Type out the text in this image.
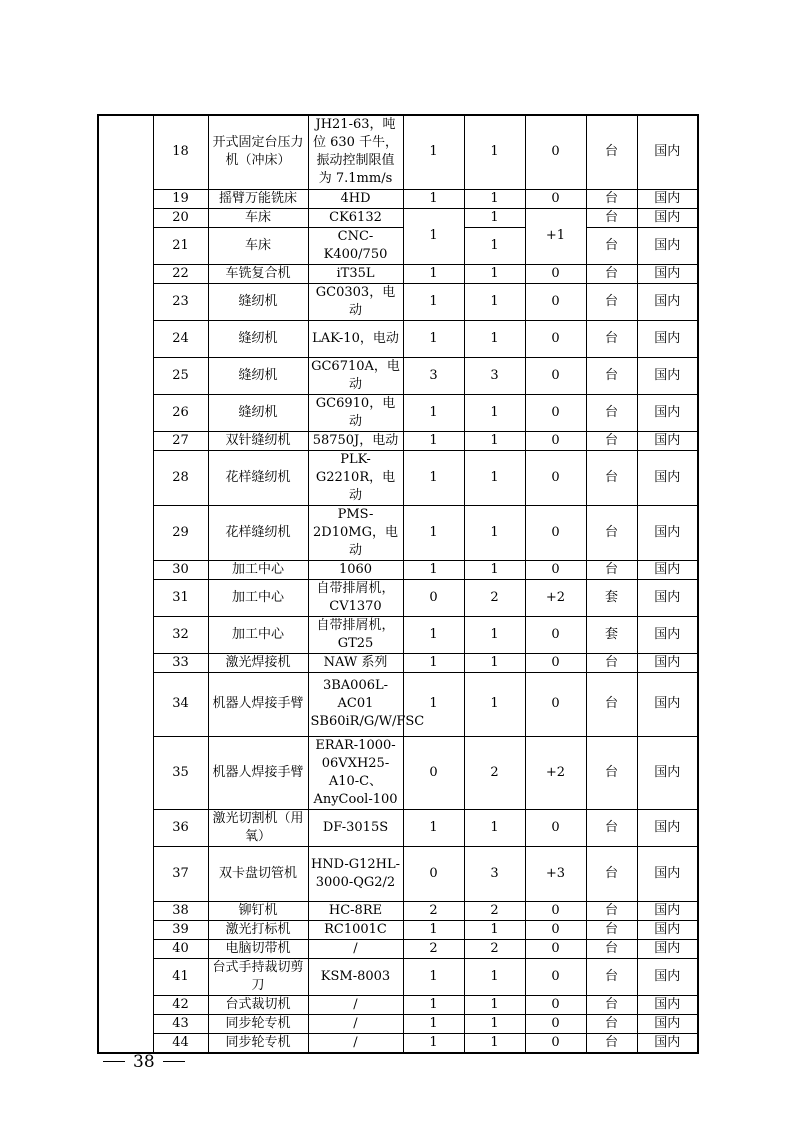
	18	开式固定台压力机（冲床）	JH21-63，吨位 630 千牛，振动控制限值为 7.1mm/s	1	1	0	台	国内
	19	摇臂万能铣床	4HD	1	1	0	台	国内
	20	车床	CK6132	1	1	+1	台	国内
	21	车床	CNC-K400/750		1		台	国内
	22	车铣复合机	iT35L	1	1	0	台	国内
	23	缝纫机	GC0303，电动	1	1	0	台	国内
	24	缝纫机	LAK-10，电动	1	1	0	台	国内
	25	缝纫机	GC6710A，电动	3	3	0	台	国内
	26	缝纫机	GC6910，电动	1	1	0	台	国内
	27	双针缝纫机	58750J，电动	1	1	0	台	国内
	28	花样缝纫机	PLK-G2210R，电动	1	1	0	台	国内
	29	花样缝纫机	PMS-2D10MG，电动	1	1	0	台	国内
	30	加工中心	1060	1	1	0	台	国内
	31	加工中心	自带排屑机，CV1370	0	2	+2	套	国内
	32	加工中心	自带排屑机，GT25	1	1	0	套	国内
	33	激光焊接机	NAW 系列	1	1	0	台	国内
	34	机器人焊接手臂	3BA006L-AC01 SB60iR/G/W/FSC	1	1	0	台	国内
	35	机器人焊接手臂	ERAR-1000-06VXH25-A10-C、AnyCool-100	0	2	+2	台	国内
	36	激光切割机（用氧）	DF-3015S	1	1	0	台	国内
	37	双卡盘切管机	HND-G12HL-3000-QG2/2	0	3	+3	台	国内
	38	铆钉机	HC-8RE	2	2	0	台	国内
	39	激光打标机	RC1001C	1	1	0	台	国内
	40	电脑切带机	/	2	2	0	台	国内
	41	台式手持裁切剪刀	KSM-8003	1	1	0	台	国内
	42	台式裁切机	/	1	1	0	台	国内
	43	同步轮专机	/	1	1	0	台	国内
	44	同步轮专机	/	1	1	0	台	国内
38
